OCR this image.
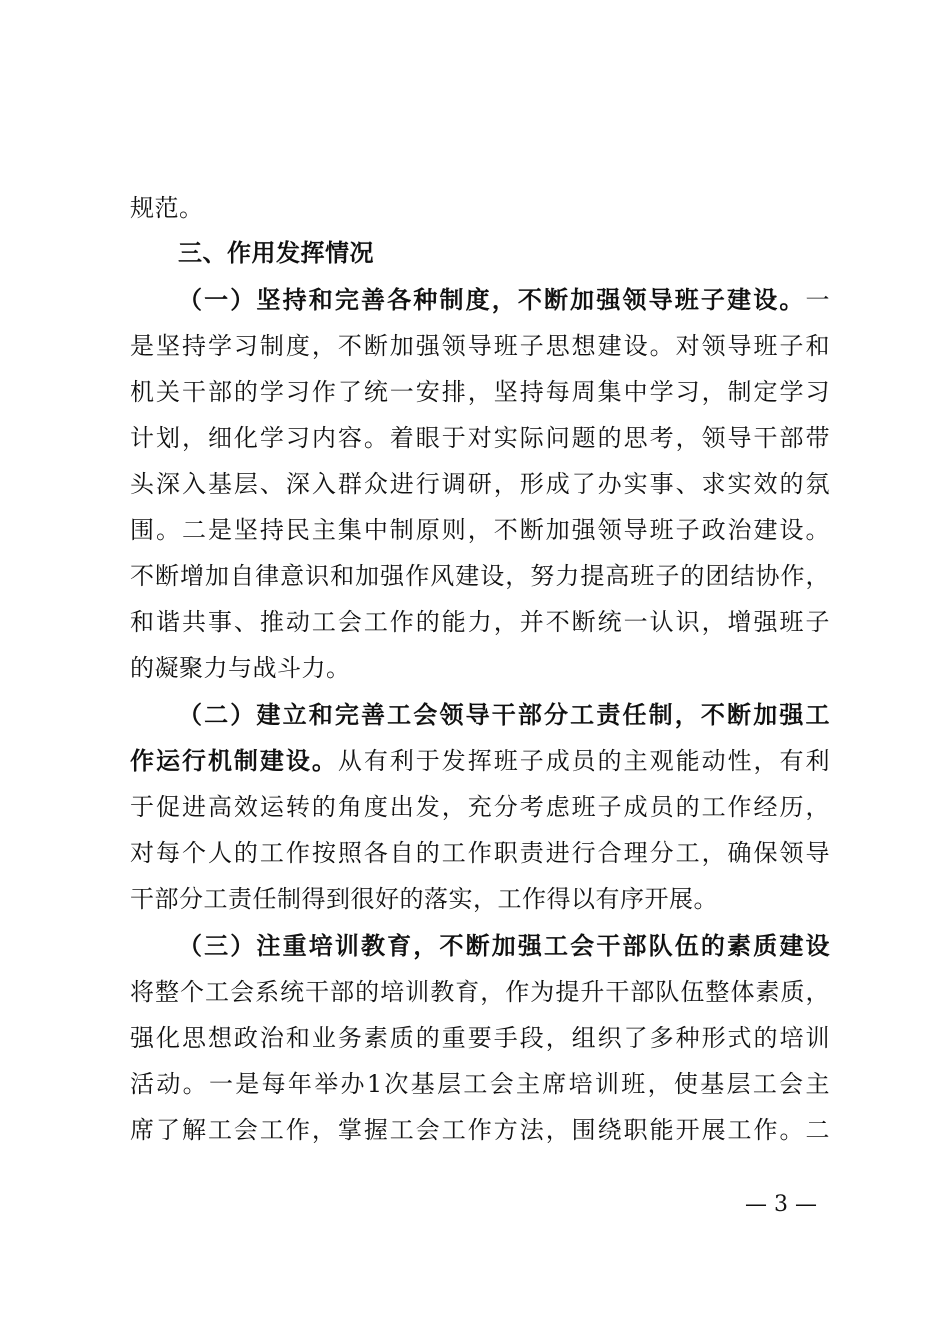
规范。
三、作用发挥情况
（一）坚持和完善各种制度，不断加强领导班子建设。一
是坚持学习制度，不断加强领导班子思想建设。对领导班子和
机关干部的学习作了统一安排，坚持每周集中学习，制定学习
计划，细化学习内容。着眼于对实际问题的思考，领导干部带
头深入基层、深入群众进行调研，形成了办实事、求实效的氛
围。二是坚持民主集中制原则，不断加强领导班子政治建设。
不断增加自律意识和加强作风建设，努力提高班子的团结协作，
和谐共事、推动工会工作的能力，并不断统一认识，增强班子
的凝聚力与战斗力。
（二）建立和完善工会领导干部分工责任制，不断加强工
作运行机制建设。从有利于发挥班子成员的主观能动性，有利
于促进高效运转的角度出发，充分考虑班子成员的工作经历，
对每个人的工作按照各自的工作职责进行合理分工，确保领导
干部分工责任制得到很好的落实，工作得以有序开展。
（三）注重培训教育，不断加强工会干部队伍的素质建设
将整个工会系统干部的培训教育，作为提升干部队伍整体素质，
强化思想政治和业务素质的重要手段，组织了多种形式的培训
活动。一是每年举办1次基层工会主席培训班，使基层工会主
席了解工会工作，掌握工会工作方法，围绕职能开展工作。二
— 3 —
